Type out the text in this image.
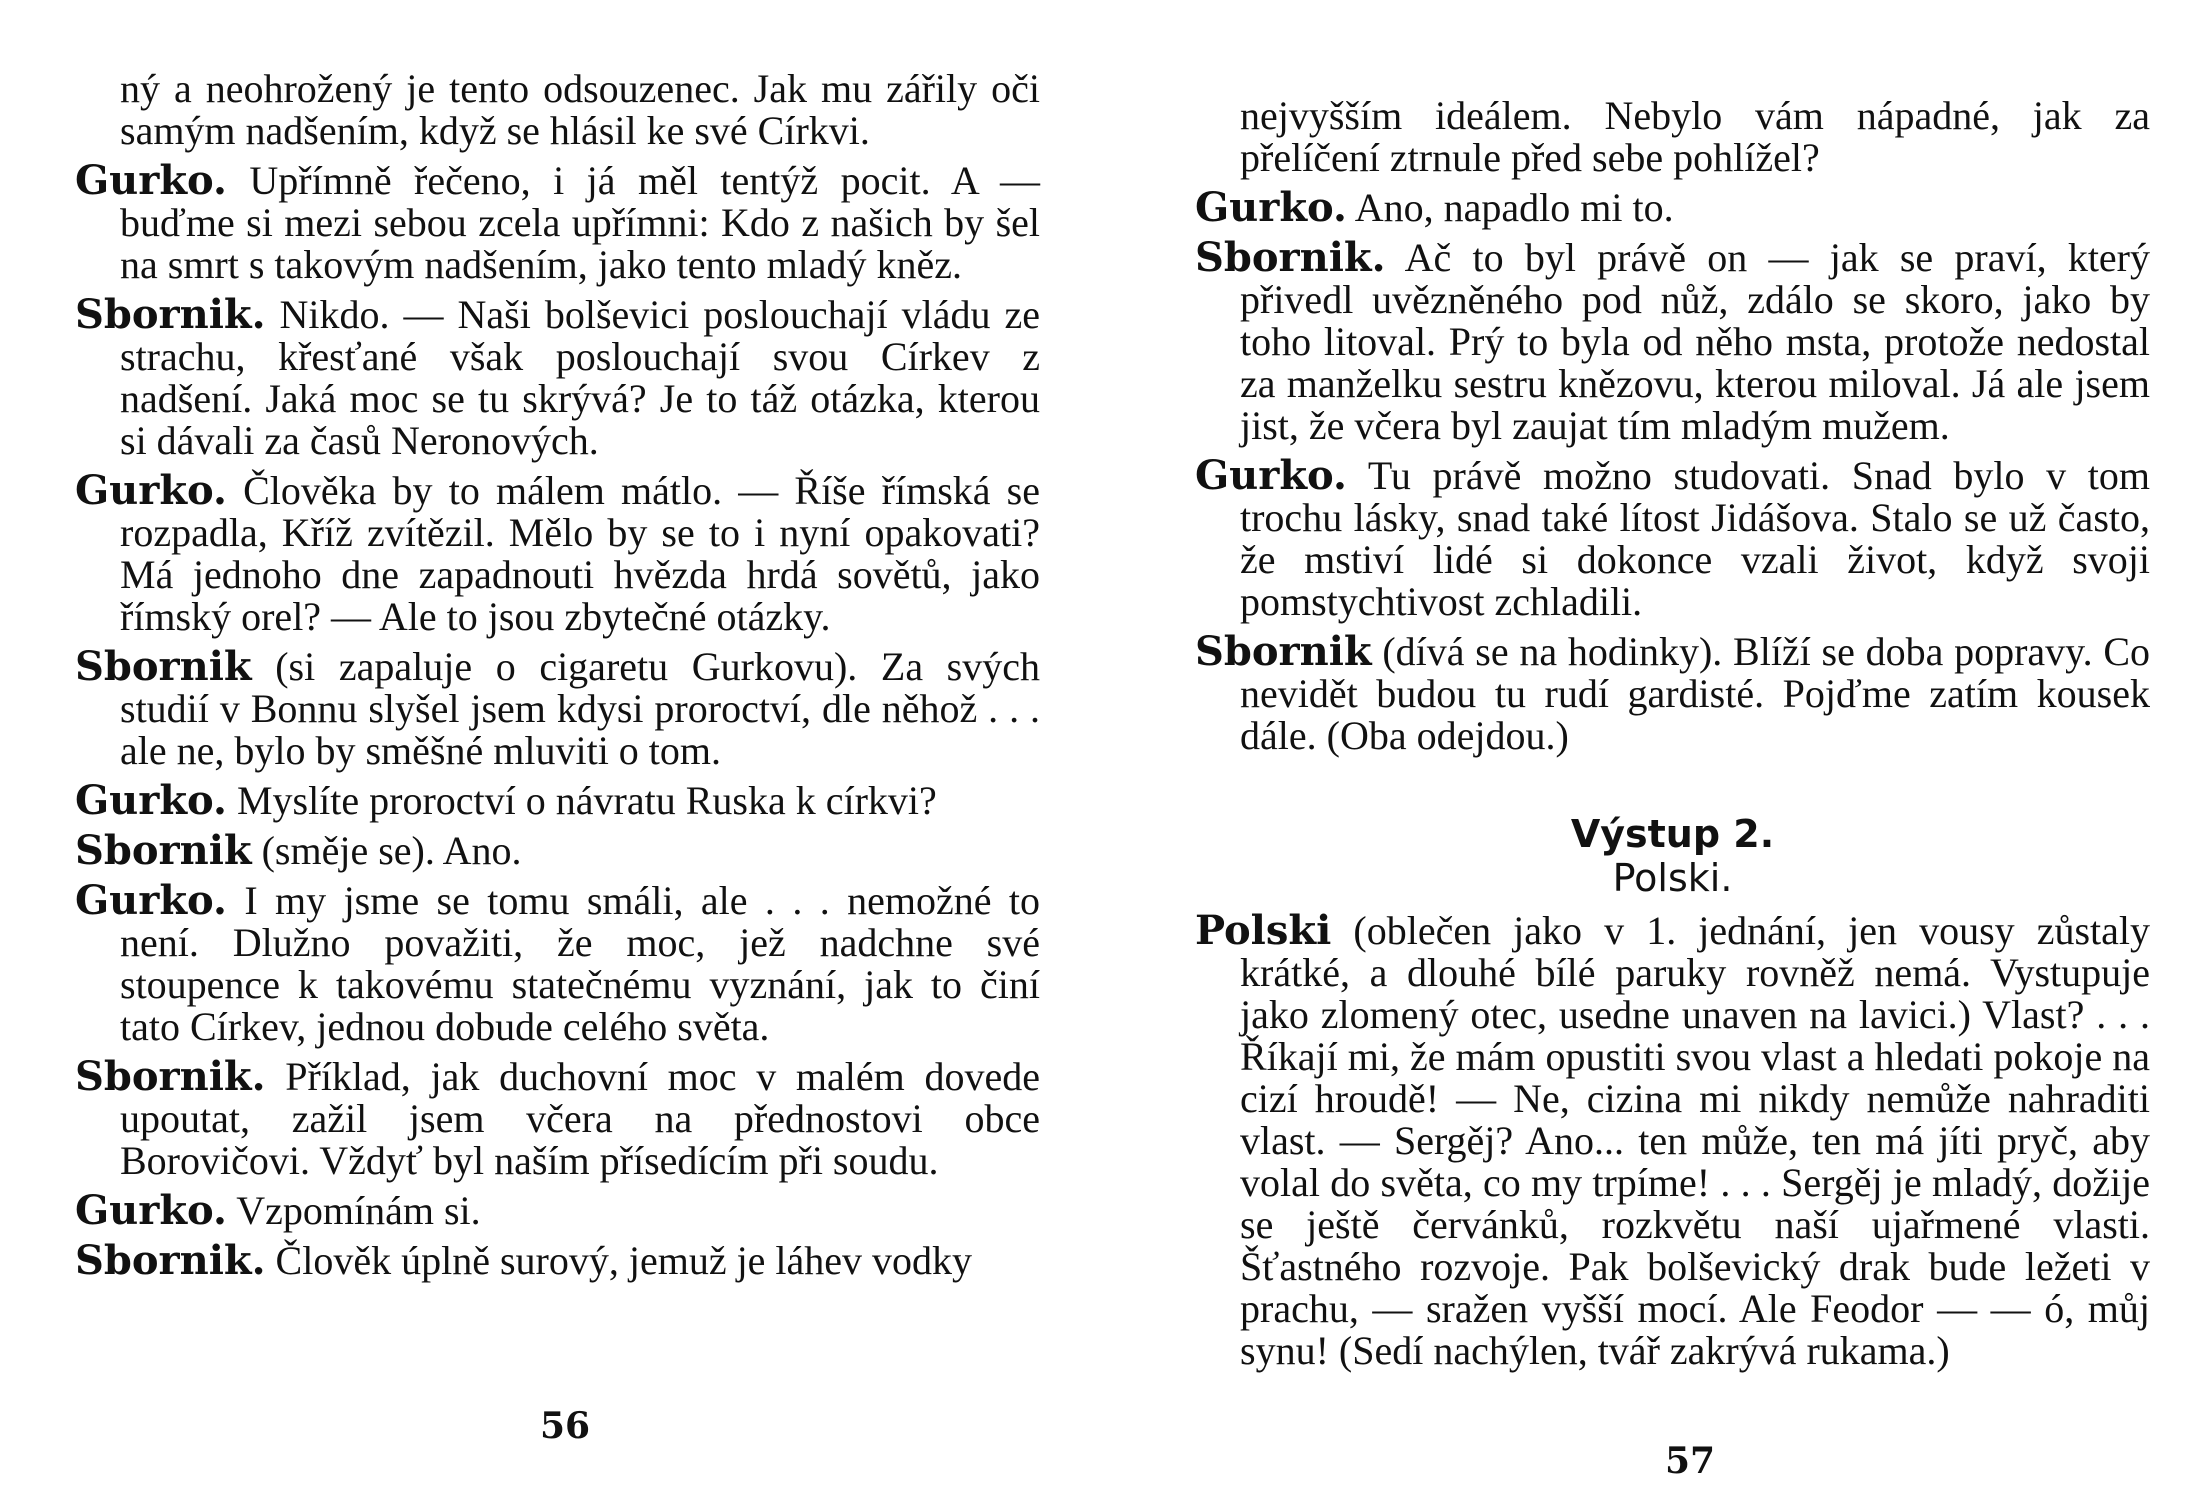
ný a neohrožený je tento odsouzenec. Jak mu zářily oči samým nadšením, když se hlásil ke své Církvi.

Gurko. Upřímně řečeno, i já měl tentýž pocit. A — buďme si mezi sebou zcela upřímni: Kdo z našich by šel na smrt s takovým nadšením, jako tento mladý kněz.

Sbornik. Nikdo. — Naši bolševici poslouchají vládu ze strachu, křesťané však poslouchají svou Církev z nadšení. Jaká moc se tu skrývá? Je to táž otázka, kterou si dávali za časů Neronových.

Gurko. Člověka by to málem mátlo. — Říše římská se rozpadla, Kříž zvítězil. Mělo by se to i nyní opakovati? Má jednoho dne zapadnouti hvězda hrdá sovětů, jako římský orel? — Ale to jsou zbytečné otázky.

Sbornik (si zapaluje o cigaretu Gurkovu). Za svých studií v Bonnu slyšel jsem kdysi proroctví, dle něhož . . . ale ne, bylo by směšné mluviti o tom.

Gurko. Myslíte proroctví o návratu Ruska k církvi?

Sbornik (směje se). Ano.

Gurko. I my jsme se tomu smáli, ale . . . nemožné to není. Dlužno považiti, že moc, jež nadchne své stoupence k takovému statečnému vyznání, jak to činí tato Církev, jednou dobude celého světa.

Sbornik. Příklad, jak duchovní moc v malém dovede upoutat, zažil jsem včera na přednostovi obce Borovičovi. Vždyť byl naším přísedícím při soudu.

Gurko. Vzpomínám si.

Sbornik. Člověk úplně surový, jemuž je láhev vodky

56

nejvyšším ideálem. Nebylo vám nápadné, jak za přelíčení ztrnule před sebe pohlížel?

Gurko. Ano, napadlo mi to.

Sbornik. Ač to byl právě on — jak se praví, který přivedl uvězněného pod nůž, zdálo se skoro, jako by toho litoval. Prý to byla od něho msta, protože nedostal za manželku sestru knězovu, kterou miloval. Já ale jsem jist, že včera byl zaujat tím mladým mužem.

Gurko. Tu právě možno studovati. Snad bylo v tom trochu lásky, snad také lítost Jidášova. Stalo se už často, že mstiví lidé si dokonce vzali život, když svoji pomstychtivost zchladili.

Sbornik (dívá se na hodinky). Blíží se doba popravy. Co nevidět budou tu rudí gardisté. Pojďme zatím kousek dále. (Oba odejdou.)

Výstup 2.
Polski.

Polski (oblečen jako v 1. jednání, jen vousy zůstaly krátké, a dlouhé bílé paruky rovněž nemá. Vystupuje jako zlomený otec, usedne unaven na lavici.) Vlast? . . . Říkají mi, že mám opustiti svou vlast a hledati pokoje na cizí hroudě! — Ne, cizina mi nikdy nemůže nahraditi vlast. — Sergěj? Ano... ten může, ten má jíti pryč, aby volal do světa, co my trpíme! . . . Sergěj je mladý, dožije se ještě červánků, rozkvětu naší ujařmené vlasti. Šťastného rozvoje. Pak bolševický drak bude ležeti v prachu, — sražen vyšší mocí. Ale Feodor — — ó, můj synu! (Sedí nachýlen, tvář zakrývá rukama.)

57
